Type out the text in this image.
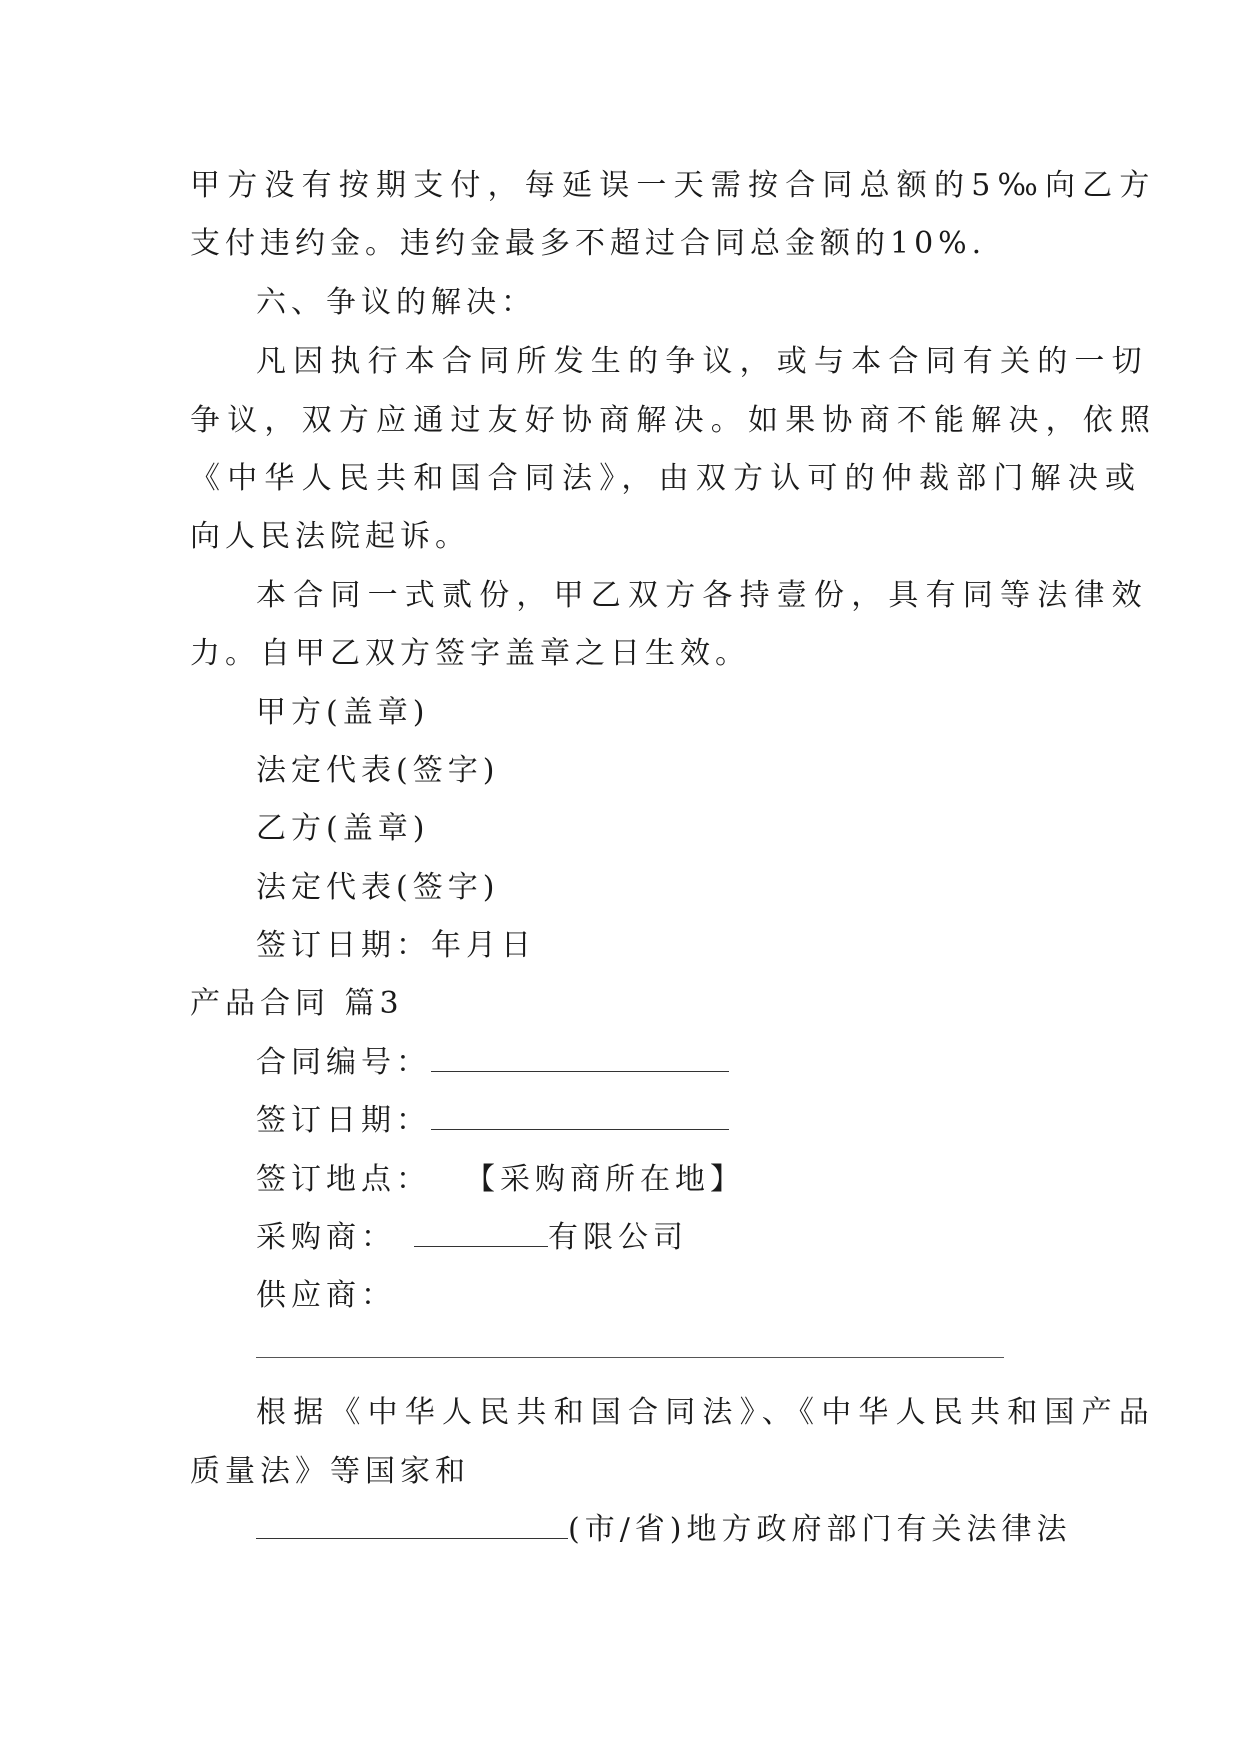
甲方没有按期支付，每延误一天需按合同总额的5‰向乙方
支付违约金。违约金最多不超过合同总金额的10%.
六、争议的解决：
凡因执行本合同所发生的争议，或与本合同有关的一切
争议，双方应通过友好协商解决。如果协商不能解决，依照
《中华人民共和国合同法》，由双方认可的仲裁部门解决或
向人民法院起诉。
本合同一式贰份，甲乙双方各持壹份，具有同等法律效
力。自甲乙双方签字盖章之日生效。
甲方(盖章)
法定代表(签字)
乙方(盖章)
法定代表(签字)
签订日期：年月日
产品合同 篇3
合同编号：
签订日期：
签订地点： 【采购商所在地】
采购商：	有限公司
供应商：
根据《中华人民共和国合同法》、《中华人民共和国产品
质量法》等国家和
(市/省)地方政府部门有关法律法
